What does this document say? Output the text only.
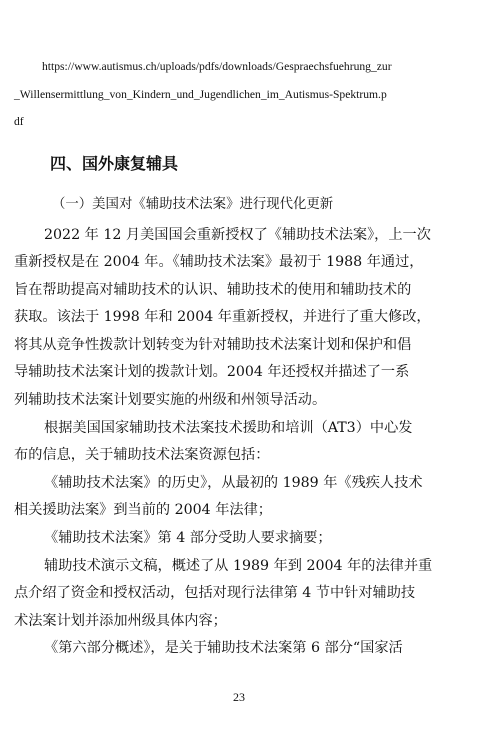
https://www.autismus.ch/uploads/pdfs/downloads/Gespraechsfuehrung_zur
_Willensermittlung_von_Kindern_und_Jugendlichen_im_Autismus-Spektrum.p
df
四、国外康复辅具
（一）美国对《辅助技术法案》进行现代化更新
2022 年 12 月美国国会重新授权了《辅助技术法案》，上一次
重新授权是在 2004 年。《辅助技术法案》最初于 1988 年通过，
旨在帮助提高对辅助技术的认识、辅助技术的使用和辅助技术的
获取。该法于 1998 年和 2004 年重新授权，并进行了重大修改，
将其从竞争性拨款计划转变为针对辅助技术法案计划和保护和倡
导辅助技术法案计划的拨款计划。2004 年还授权并描述了一系
列辅助技术法案计划要实施的州级和州领导活动。
根据美国国家辅助技术法案技术援助和培训（AT3）中心发
布的信息，关于辅助技术法案资源包括：
《辅助技术法案》的历史》，从最初的 1989 年《残疾人技术
相关援助法案》到当前的 2004 年法律；
《辅助技术法案》第 4 部分受助人要求摘要；
辅助技术演示文稿，概述了从 1989 年到 2004 年的法律并重
点介绍了资金和授权活动，包括对现行法律第 4 节中针对辅助技
术法案计划并添加州级具体内容；
《第六部分概述》，是关于辅助技术法案第 6 部分“国家活
23
